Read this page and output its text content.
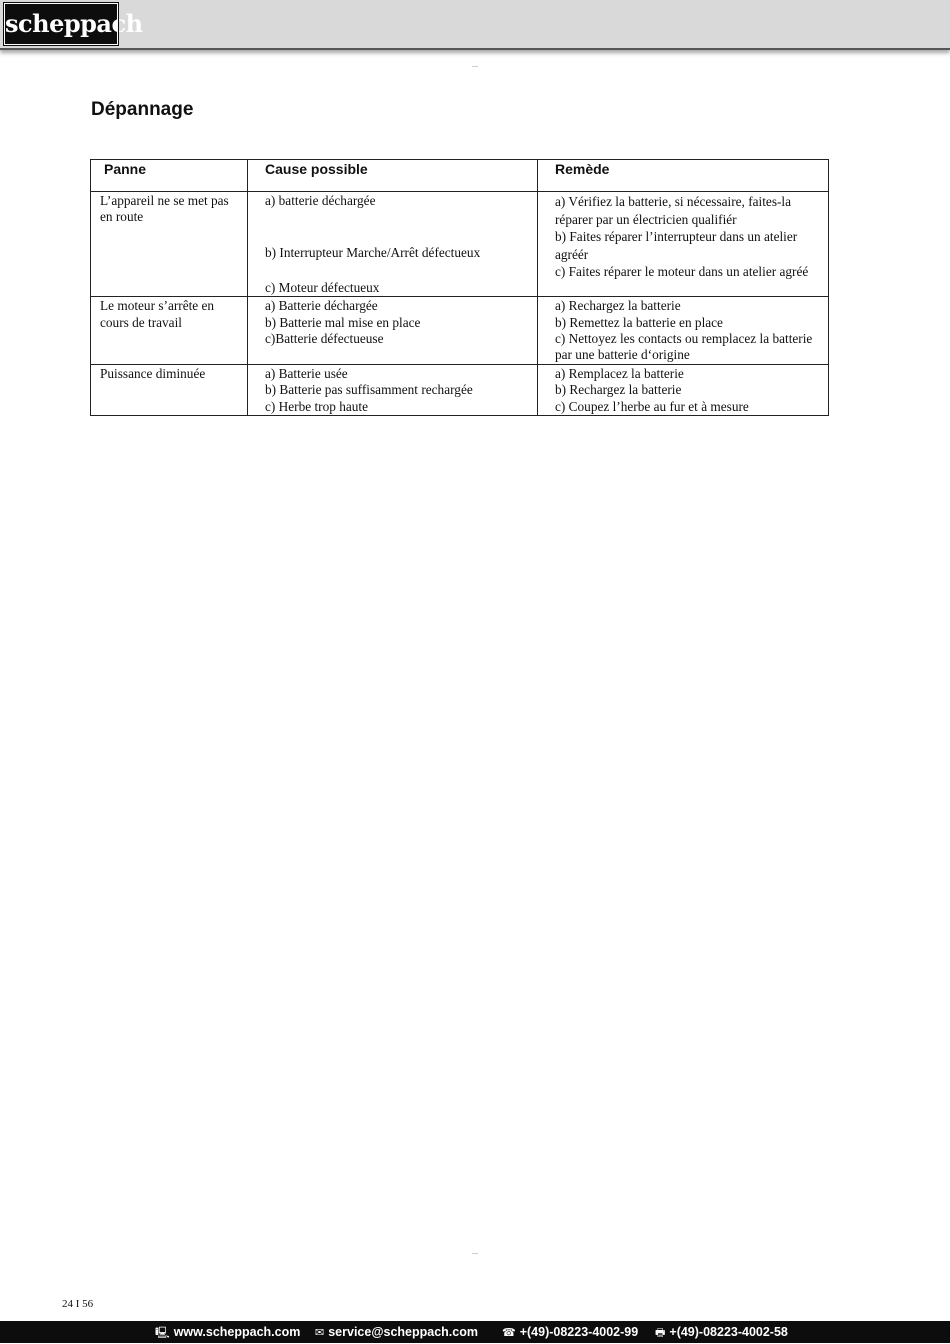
scheppach
Dépannage
Panne	Cause possible	Remède

L’appareil ne se met pas en route	a) batterie déchargée
b) Interrupteur Marche/Arrêt défectueux
c) Moteur défectueux	a) Vérifiez la batterie, si nécessaire, faites-la réparer par un électricien qualifiér
b) Faites réparer l’interrupteur dans un atelier agréér
c) Faites réparer le moteur dans un atelier agréé

Le moteur s’arrête en cours de travail	a) Batterie déchargée
b) Batterie mal mise en place
c)Batterie défectueuse	a) Rechargez la batterie
b) Remettez la batterie en place
c) Nettoyez les contacts ou remplacez la batterie par une batterie d‘origine

Puissance diminuée	a) Batterie usée
b) Batterie pas suffisamment rechargée
c) Herbe trop haute	a) Remplacez la batterie
b) Rechargez la batterie
c) Coupez l’herbe au fur et à mesure
24 I 56
🖳 www.scheppach.com ✉ service@scheppach.com ☎ +(49)-08223-4002-99 🖶 +(49)-08223-4002-58
